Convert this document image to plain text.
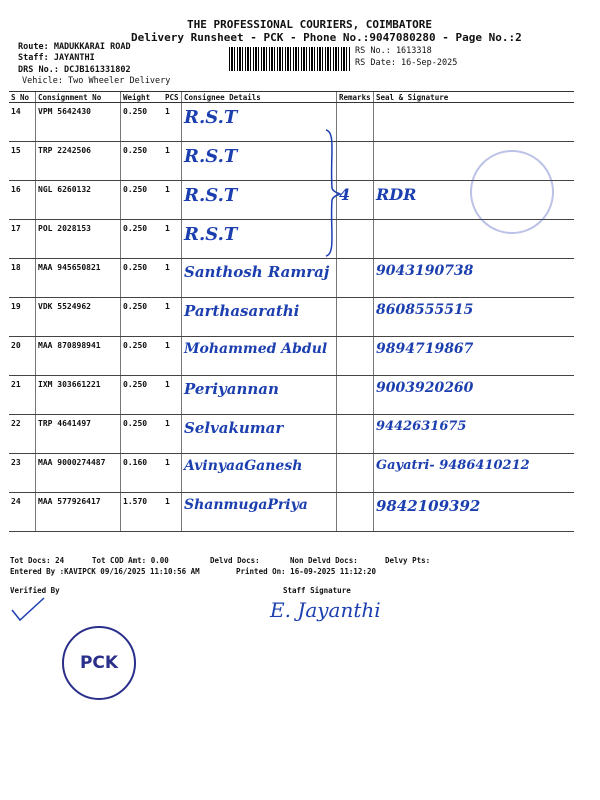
THE PROFESSIONAL COURIERS, COIMBATORE
Delivery Runsheet - PCK - Phone No.:9047080280 - Page No.:2
Route: MADUKKARAI ROAD
Staff: JAYANTHI
DRS No.: DCJB161331802
Vehicle: Two Wheeler Delivery
RS No.: 1613318
RS Date: 16-Sep-2025
S No	Consignment No	Weight	PCS	Consignee Details	Remarks	Seal & Signature
14	VPM 5642430	0.250	1	R.S.T		
15	TRP 2242506	0.250	1	R.S.T		
16	NGL 6260132	0.250	1	R.S.T	4	RDR
17	POL 2028153	0.250	1	R.S.T		
18	MAA 945650821	0.250	1	Santhosh Ramraj		9043190738
19	VDK 5524962	0.250	1	Parthasarathi		8608555515
20	MAA 870898941	0.250	1	Mohammed Abdul		9894719867
21	IXM 303661221	0.250	1	Periyannan		9003920260
22	TRP 4641497	0.250	1	Selvakumar		9442631675
23	MAA 9000274487	0.160	1	AvinyaaGanesh		Gayatri- 9486410212
24	MAA 577926417	1.570	1	ShanmugaPriya		9842109392
Tot Docs: 24	Tot COD Amt: 0.00	Delvd Docs:	Non Delvd Docs:	Delvy Pts:
Entered By :KAVIPCK 09/16/2025 11:10:56 AM	Printed On: 16-09-2025 11:12:20
Verified By	Staff Signature
E. Jayanthi
PCK
